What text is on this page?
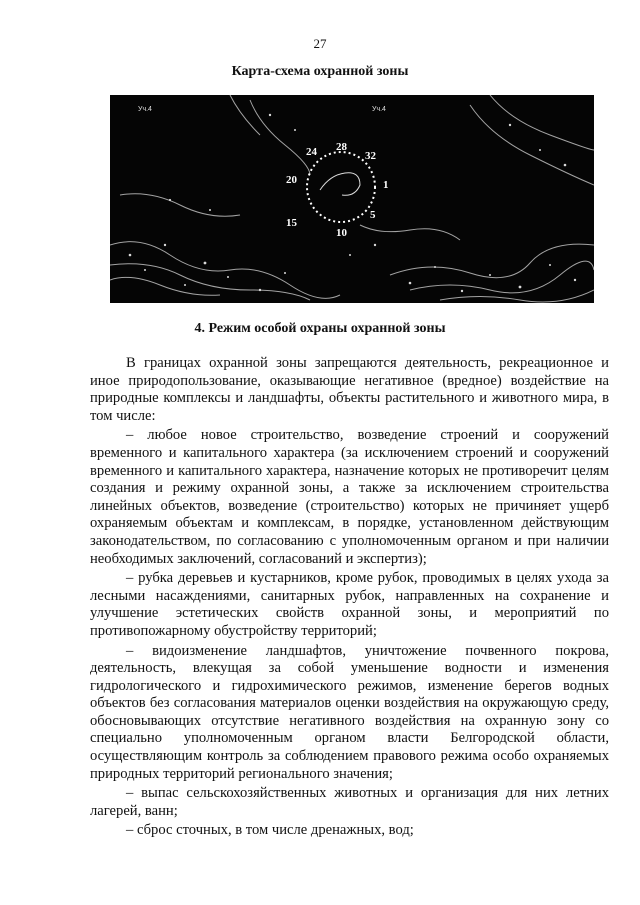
27
Карта-схема охранной зоны
24 28
32
20	1
15
5
10
Уч.4	Уч.4
4. Режим особой охраны охранной зоны

В границах охранной зоны запрещаются деятельность, рекреационное и иное природопользование, оказывающие негативное (вредное) воздействие на природные комплексы и ландшафты, объекты растительного и животного мира, в том числе:

– любое новое строительство, возведение строений и сооружений временного и капитального характера (за исключением строений и сооружений временного и капитального характера, назначение которых не противоречит целям создания и режиму охранной зоны, а также за исключением строительства линейных объектов, возведение (строительство) которых не причиняет ущерб охраняемым объектам и комплексам, в порядке, установленном действующим законодательством, по согласованию с уполномоченным органом и при наличии необходимых заключений, согласований и экспертиз);

– рубка деревьев и кустарников, кроме рубок, проводимых в целях ухода за лесными насаждениями, санитарных рубок, направленных на сохранение и улучшение эстетических свойств охранной зоны, и мероприятий по противопожарному обустройству территорий;

– видоизменение ландшафтов, уничтожение почвенного покрова, деятельность, влекущая за собой уменьшение водности и изменения гидрологического и гидрохимического режимов, изменение берегов водных объектов без согласования материалов оценки воздействия на окружающую среду, обосновывающих отсутствие негативного воздействия на охранную зону со специально уполномоченным органом власти Белгородской области, осуществляющим контроль за соблюдением правового режима особо охраняемых природных территорий регионального значения;

– выпас сельскохозяйственных животных и организация для них летних лагерей, ванн;

– сброс сточных, в том числе дренажных, вод;
